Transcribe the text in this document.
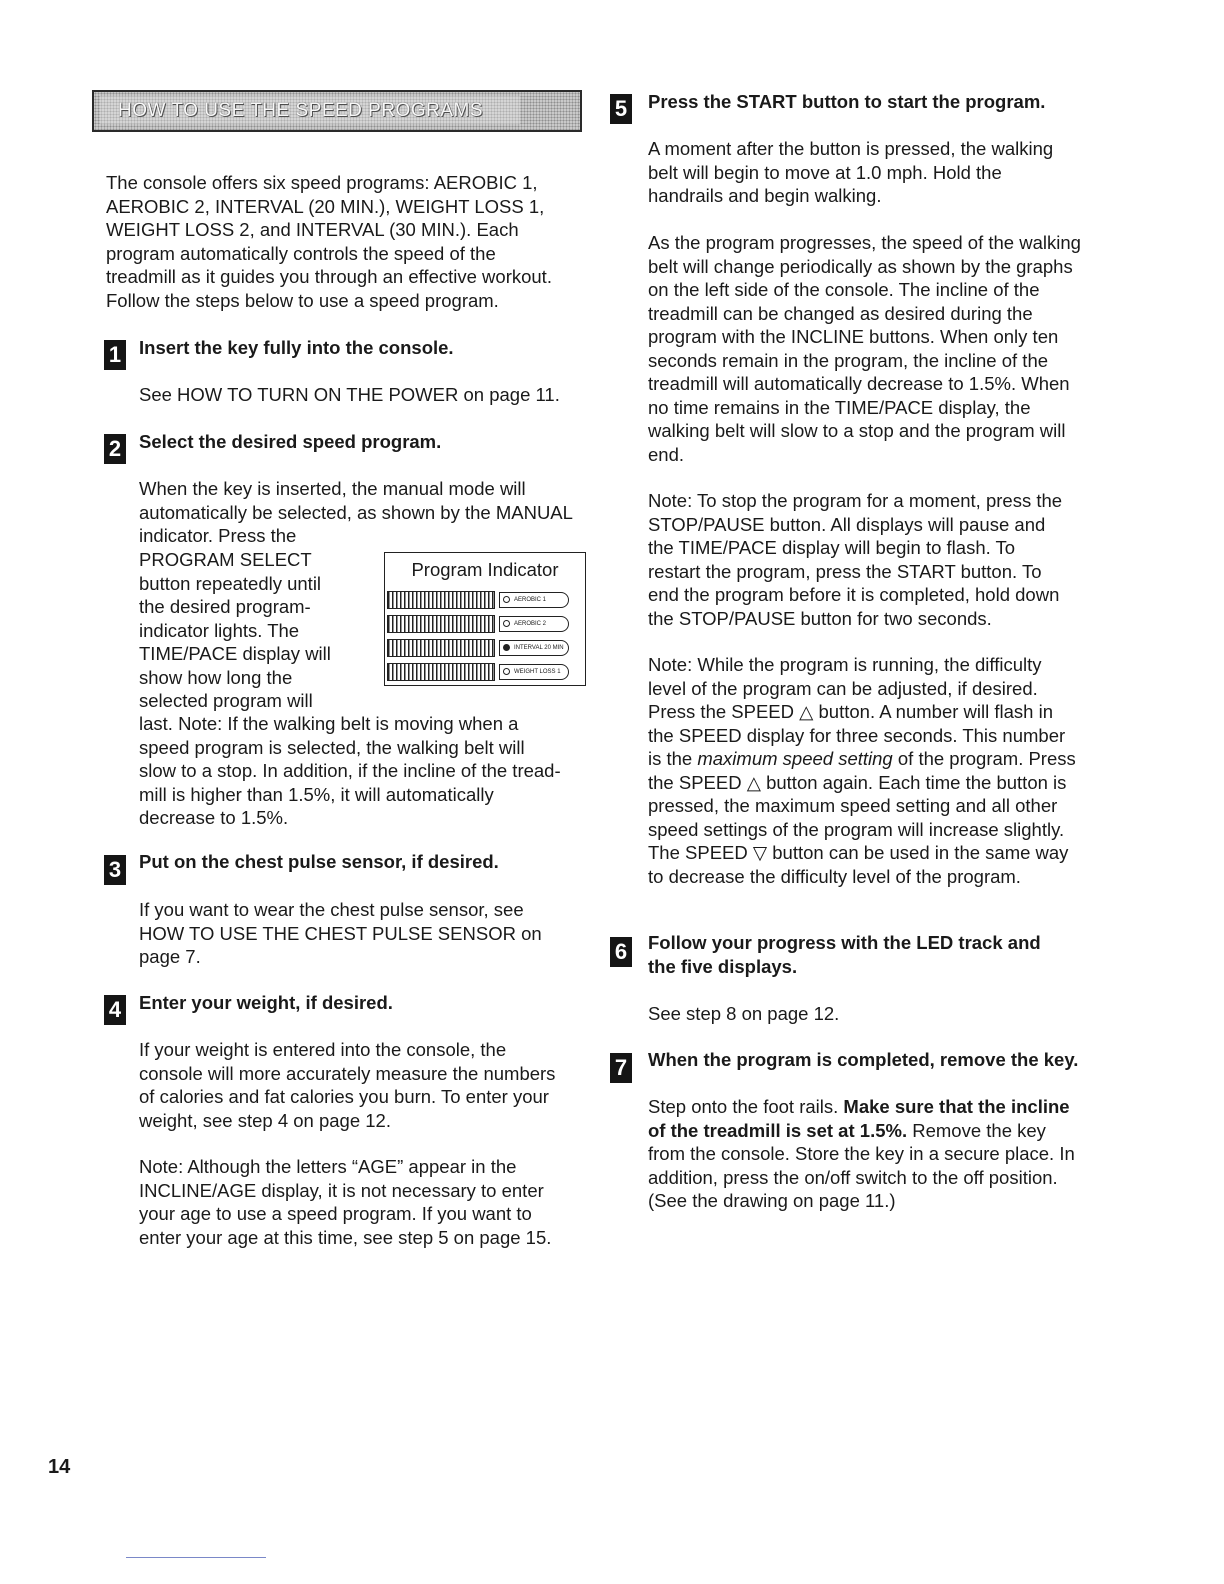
HOW TO USE THE SPEED PROGRAMS
The console offers six speed programs: AEROBIC 1,
AEROBIC 2, INTERVAL (20 MIN.), WEIGHT LOSS 1,
WEIGHT LOSS 2, and INTERVAL (30 MIN.). Each
program automatically controls the speed of the
treadmill as it guides you through an effective workout.
Follow the steps below to use a speed program.
1 Insert the key fully into the console.
See HOW TO TURN ON THE POWER on page 11.
2 Select the desired speed program.
When the key is inserted, the manual mode will
automatically be selected, as shown by the MANUAL
indicator. Press the
PROGRAM SELECT
button repeatedly until
the desired program-
indicator lights. The
TIME/PACE display will
show how long the
selected program will
Program Indicator
AEROBIC 1
AEROBIC 2
INTERVAL 20 MIN
WEIGHT LOSS 1
last. Note: If the walking belt is moving when a
speed program is selected, the walking belt will
slow to a stop. In addition, if the incline of the tread-
mill is higher than 1.5%, it will automatically
decrease to 1.5%.
3 Put on the chest pulse sensor, if desired.
If you want to wear the chest pulse sensor, see
HOW TO USE THE CHEST PULSE SENSOR on
page 7.
4 Enter your weight, if desired.
If your weight is entered into the console, the
console will more accurately measure the numbers
of calories and fat calories you burn. To enter your
weight, see step 4 on page 12.
Note: Although the letters “AGE” appear in the
INCLINE/AGE display, it is not necessary to enter
your age to use a speed program. If you want to
enter your age at this time, see step 5 on page 15.
14
5 Press the START button to start the program.
A moment after the button is pressed, the walking
belt will begin to move at 1.0 mph. Hold the
handrails and begin walking.
As the program progresses, the speed of the walking
belt will change periodically as shown by the graphs
on the left side of the console. The incline of the
treadmill can be changed as desired during the
program with the INCLINE buttons. When only ten
seconds remain in the program, the incline of the
treadmill will automatically decrease to 1.5%. When
no time remains in the TIME/PACE display, the
walking belt will slow to a stop and the program will
end.
Note: To stop the program for a moment, press the
STOP/PAUSE button. All displays will pause and
the TIME/PACE display will begin to flash. To
restart the program, press the START button. To
end the program before it is completed, hold down
the STOP/PAUSE button for two seconds.
Note: While the program is running, the difficulty
level of the program can be adjusted, if desired.
Press the SPEED △ button. A number will flash in
the SPEED display for three seconds. This number
is the maximum speed setting of the program. Press
the SPEED △ button again. Each time the button is
pressed, the maximum speed setting and all other
speed settings of the program will increase slightly.
The SPEED ▽ button can be used in the same way
to decrease the difficulty level of the program.
6 Follow your progress with the LED track and
the five displays.
See step 8 on page 12.
7 When the program is completed, remove the key.
Step onto the foot rails. Make sure that the incline
of the treadmill is set at 1.5%. Remove the key
from the console. Store the key in a secure place. In
addition, press the on/off switch to the off position.
(See the drawing on page 11.)
